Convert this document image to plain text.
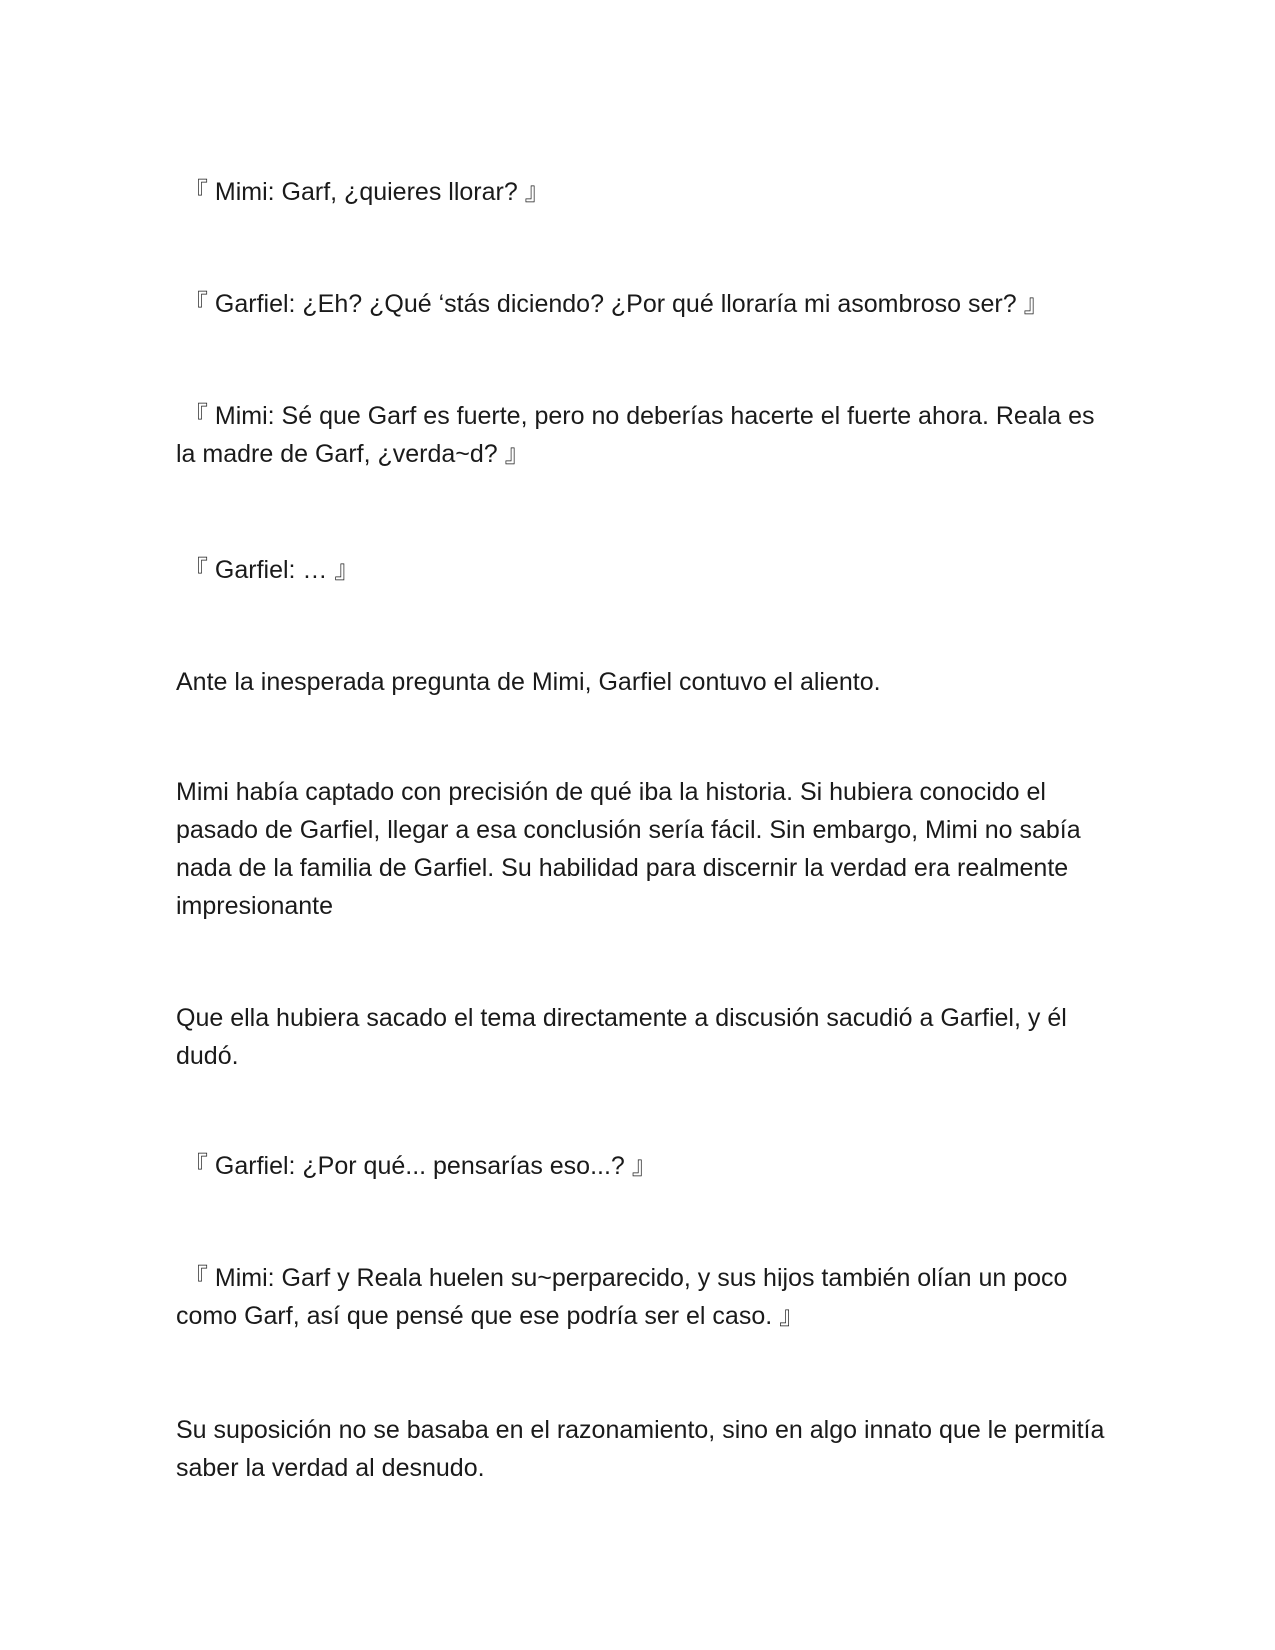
『 Mimi: Garf, ¿quieres llorar? 』

『 Garfiel: ¿Eh? ¿Qué ‘stás diciendo? ¿Por qué lloraría mi asombroso ser? 』

『 Mimi: Sé que Garf es fuerte, pero no deberías hacerte el fuerte ahora. Reala es la madre de Garf, ¿verda~d? 』

『 Garfiel: … 』

Ante la inesperada pregunta de Mimi, Garfiel contuvo el aliento.

Mimi había captado con precisión de qué iba la historia. Si hubiera conocido el pasado de Garfiel, llegar a esa conclusión sería fácil. Sin embargo, Mimi no sabía nada de la familia de Garfiel. Su habilidad para discernir la verdad era realmente impresionante

Que ella hubiera sacado el tema directamente a discusión sacudió a Garfiel, y él dudó.

『 Garfiel: ¿Por qué... pensarías eso...? 』

『 Mimi: Garf y Reala huelen su~perparecido, y sus hijos también olían un poco como Garf, así que pensé que ese podría ser el caso. 』

Su suposición no se basaba en el razonamiento, sino en algo innato que le permitía saber la verdad al desnudo.
